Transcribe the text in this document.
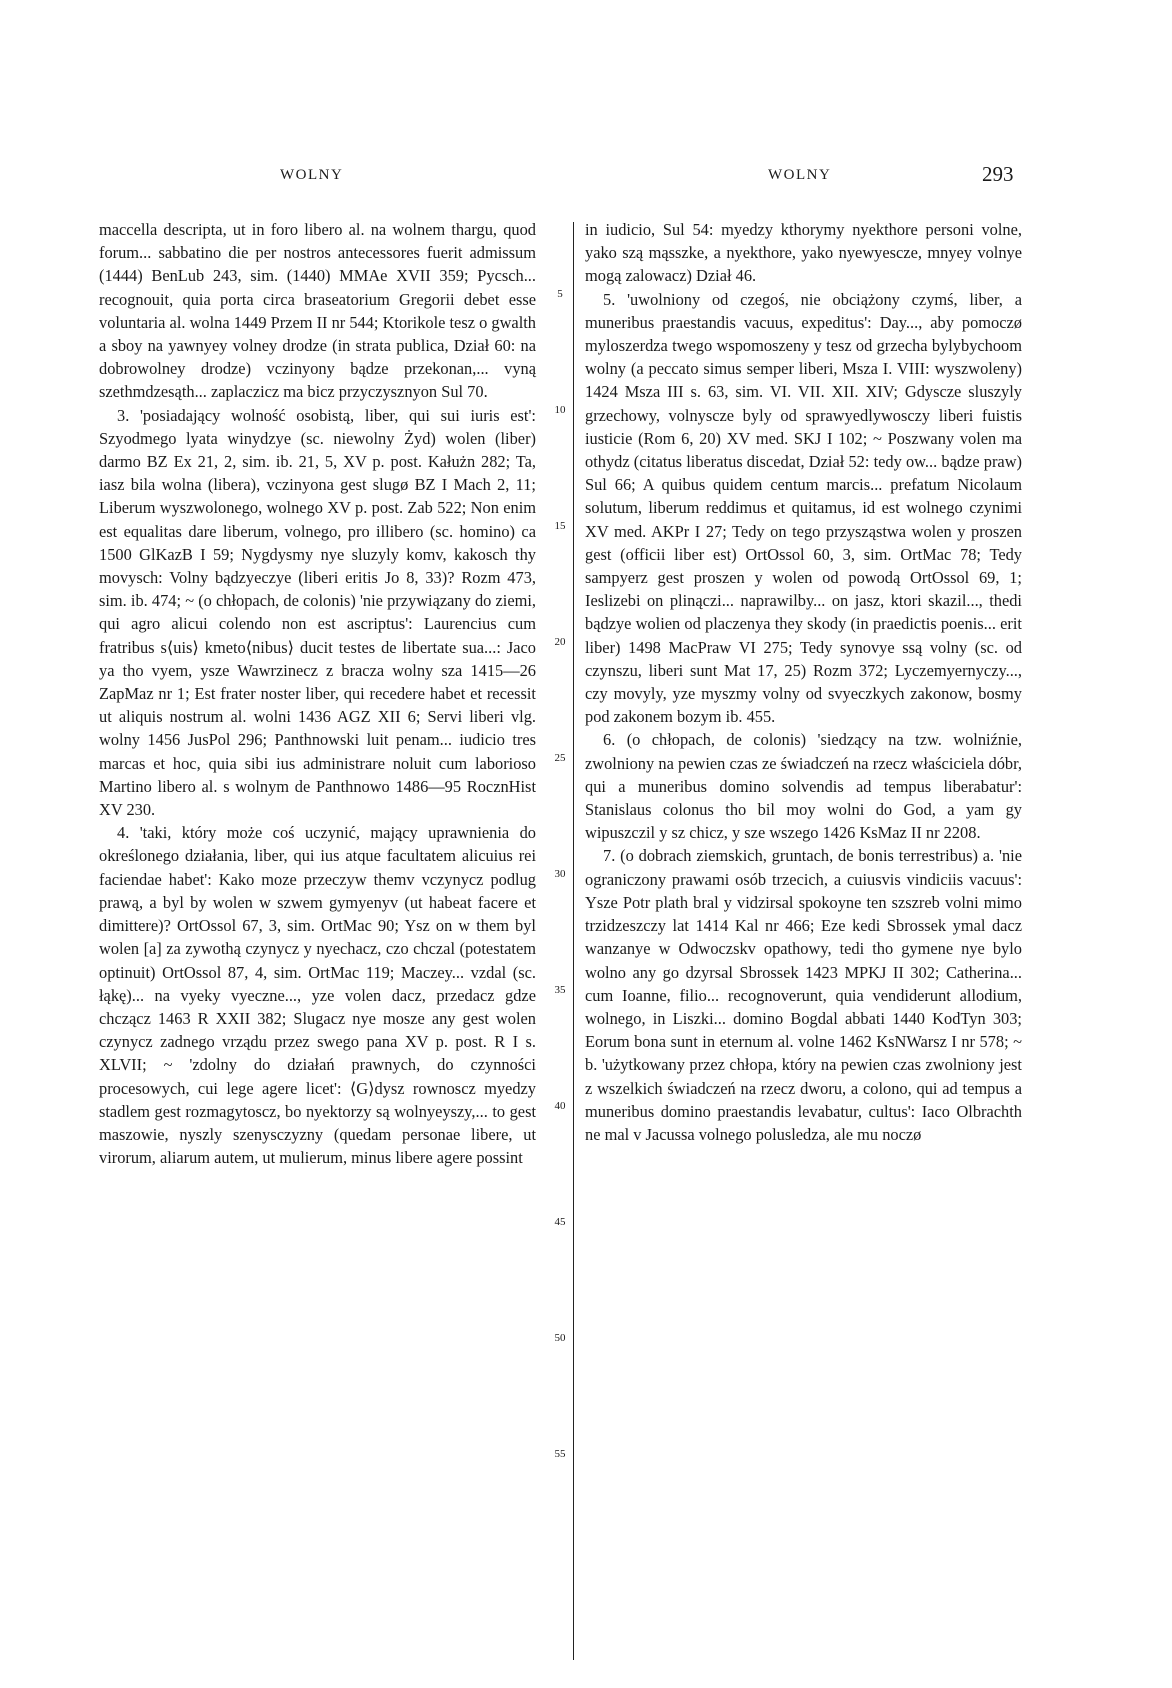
WOLNY	WOLNY	293

maccella descripta, ut in foro libero al. na wolnem thargu, quod forum... sabbatino die per nostros antecessores fuerit admissum (1444) BenLub 243, sim. (1440) MMAe XVII 359; Pycsch... recognouit, quia porta circa braseatorium Gregorii debet esse voluntaria al. wolna 1449 Przem II nr 544; Ktorikole tesz o gwalth a sboy na yawnyey volney drodze (in strata publica, Dział 60: na dobrowolney drodze) vczinyony bądze przekonan,... vyną szethmdzesąth... zaplaczicz ma bicz przyczysznyon Sul 70.

3. 'posiadający wolność osobistą, liber, qui sui iuris est': Szyodmego lyata winydzye (sc. niewolny Żyd) wolen (liber) darmo BZ Ex 21, 2, sim. ib. 21, 5, XV p. post. Kałużn 282; Ta, iasz bila wolna (libera), vczinyona gest slugø BZ I Mach 2, 11; Liberum wyszwolonego, wolnego XV p. post. Zab 522; Non enim est equalitas dare liberum, volnego, pro illibero (sc. homino) ca 1500 GlKazB I 59; Nygdysmy nye sluzyly komv, kakosch thy movysch: Volny bądzyeczye (liberi eritis Jo 8, 33)? Rozm 473, sim. ib. 474; ~ (o chłopach, de colonis) 'nie przywiązany do ziemi, qui agro alicui colendo non est ascriptus': Laurencius cum fratribus s⟨uis⟩ kmeto⟨nibus⟩ ducit testes de libertate sua...: Jaco ya tho vyem, ysze Wawrzinecz z bracza wolny sza 1415—26 ZapMaz nr 1; Est frater noster liber, qui recedere habet et recessit ut aliquis nostrum al. wolni 1436 AGZ XII 6; Servi liberi vlg. wolny 1456 JusPol 296; Panthnowski luit penam... iudicio tres marcas et hoc, quia sibi ius administrare noluit cum laborioso Martino libero al. s wolnym de Panthnowo 1486—95 RocznHist XV 230.

4. 'taki, który może coś uczynić, mający uprawnienia do określonego działania, liber, qui ius atque facultatem alicuius rei faciendae habet': Kako moze przeczyw themv vczynycz podlug prawą, a byl by wolen w szwem gymyenyv (ut habeat facere et dimittere)? OrtOssol 67, 3, sim. OrtMac 90; Ysz on w them byl wolen [a] za zywothą czynycz y nyechacz, czo chczal (potestatem optinuit) OrtOssol 87, 4, sim. OrtMac 119; Maczey... vzdal (sc. łąkę)... na vyeky vyeczne..., yze volen dacz, przedacz gdze chcząсz 1463 R XXII 382; Slugacz nye mosze any gest wolen czynycz zadnego vrządu przez swego pana XV p. post. R I s. XLVII; ~ 'zdolny do działań prawnych, do czynności procesowych, cui lege agere licet': ⟨G⟩dysz rownoscz myedzy stadlem gest rozmagytoscz, bo nyektorzy są wolnyeyszy,... to gest maszowie, nyszly szenysczyzny (quedam personae libere, ut virorum, aliarum autem, ut mulierum, minus libere agere possint

5
10
15
20
25
30
35
40
45
50
55

in iudicio, Sul 54: myedzy kthorymy nyekthore personi volne, yako szą mąsszke, a nyekthore, yako nyewyescze, mnyey volnye mogą zalowacz) Dział 46.

5. 'uwolniony od czegoś, nie obciążony czymś, liber, a muneribus praestandis vacuus, expeditus': Day..., aby pomoczø myloszerdza twego wspomoszeny y tesz od grzecha bylybychoom wolny (a peccato simus semper liberi, Msza I. VIII: wyszwoleny) 1424 Msza III s. 63, sim. VI. VII. XII. XIV; Gdyscze sluszyly grzechowy, volnyscze byly od sprawyedlywosczy liberi fuistis iusticie (Rom 6, 20) XV med. SKJ I 102; ~ Poszwany volen ma othydz (citatus liberatus discedat, Dział 52: tedy ow... bądze praw) Sul 66; A quibus quidem centum marcis... prefatum Nicolaum solutum, liberum reddimus et quitamus, id est wolnego czynimi XV med. AKPr I 27; Tedy on tego przysząstwa wolen y proszen gest (officii liber est) OrtOssol 60, 3, sim. OrtMac 78; Tedy sampyerz gest proszen y wolen od powodą OrtOssol 69, 1; Ieslizebi on plinączi... naprawilby... on jasz, ktori skazil..., thedi bądzye wolien od placzenya they skody (in praedictis poenis... erit liber) 1498 MacPraw VI 275; Tedy synovye ssą volny (sc. od czynszu, liberi sunt Mat 17, 25) Rozm 372; Lyczemyernyczy..., czy movyly, yze myszmy volny od svyeczkych zakonow, bosmy pod zakonem bozym ib. 455.

6. (o chłopach, de colonis) 'siedzący na tzw. wolniźnie, zwolniony na pewien czas ze świadczeń na rzecz właściciela dóbr, qui a muneribus domino solvendis ad tempus liberabatur': Stanislaus colonus tho bil moy wolni do God, a yam gy wipuszczil y sz chicz, y sze wszego 1426 KsMaz II nr 2208.

7. (o dobrach ziemskich, gruntach, de bonis terrestribus) a. 'nie ograniczony prawami osób trzecich, a cuiusvis vindiciis vacuus': Ysze Potr plath bral y vidzirsal spokoyne ten szszreb volni mimo trzidzeszczy lat 1414 Kal nr 466; Eze kedi Sbrossek ymal dacz wanzanye w Odwoczskv opathowy, tedi tho gymene nye bylo wolno any go dzyrsal Sbrossek 1423 MPKJ II 302; Catherina... cum Ioanne, filio... recognoverunt, quia vendiderunt allodium, wolnego, in Liszki... domino Bogdal abbati 1440 KodTyn 303; Eorum bona sunt in eternum al. volne 1462 KsNWarsz I nr 578; ~ b. 'użytkowany przez chłopa, który na pewien czas zwolniony jest z wszelkich świadczeń na rzecz dworu, a colono, qui ad tempus a muneribus domino praestandis levabatur, cultus': Iaco Olbrachth ne mal v Jacussa volnego polusledza, ale mu noczø
